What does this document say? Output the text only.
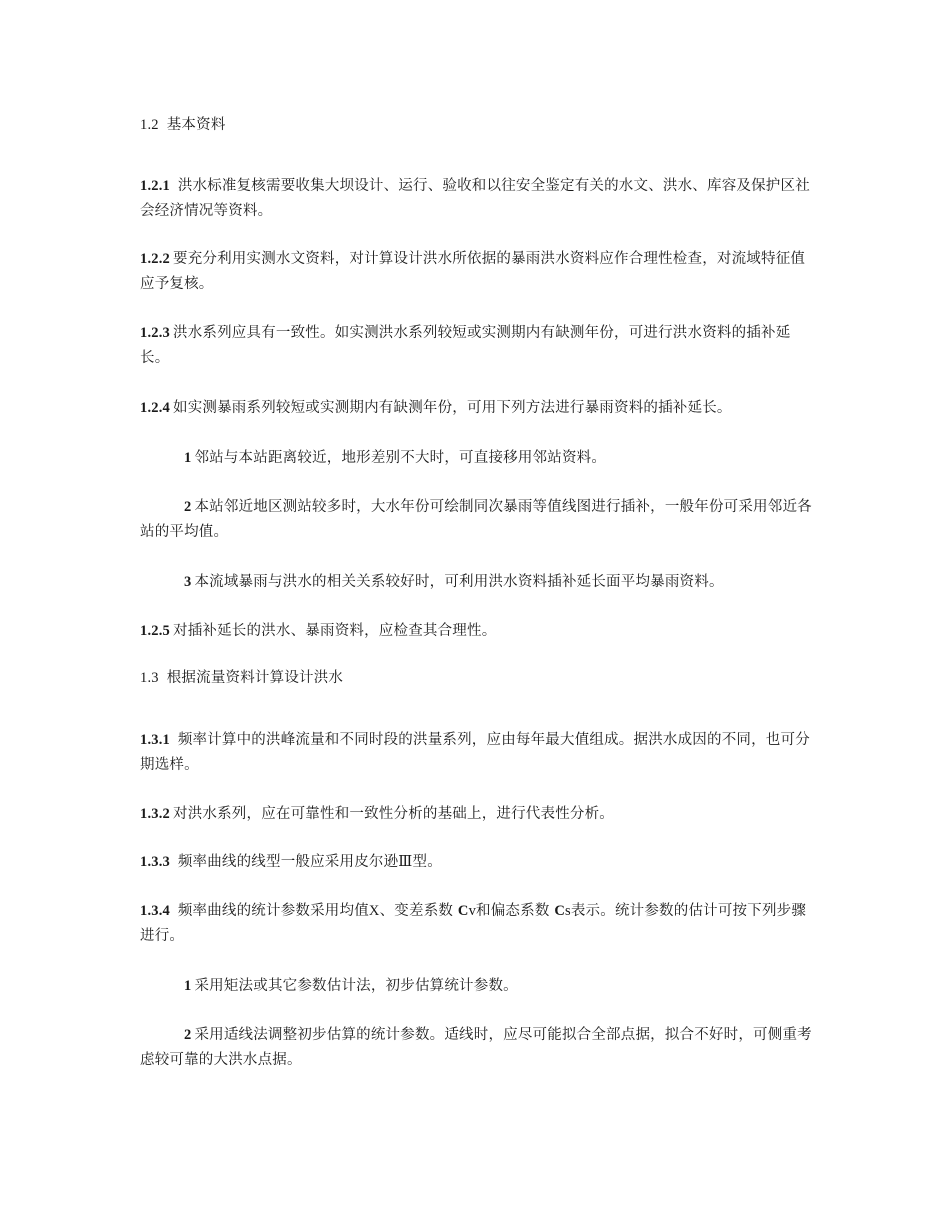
1.2 基本资料
1.2.1 洪水标准复核需要收集大坝设计、运行、验收和以往安全鉴定有关的水文、洪水、库容及保护区社会经济情况等资料。
1.2.2 要充分利用实测水文资料，对计算设计洪水所依据的暴雨洪水资料应作合理性检查，对流域特征值应予复核。
1.2.3 洪水系列应具有一致性。如实测洪水系列较短或实测期内有缺测年份，可进行洪水资料的插补延长。
1.2.4 如实测暴雨系列较短或实测期内有缺测年份，可用下列方法进行暴雨资料的插补延长。
1 邻站与本站距离较近，地形差别不大时，可直接移用邻站资料。
2 本站邻近地区测站较多时，大水年份可绘制同次暴雨等值线图进行插补，一般年份可采用邻近各站的平均值。
3 本流域暴雨与洪水的相关关系较好时，可利用洪水资料插补延长面平均暴雨资料。
1.2.5 对插补延长的洪水、暴雨资料，应检查其合理性。
1.3 根据流量资料计算设计洪水
1.3.1 频率计算中的洪峰流量和不同时段的洪量系列，应由每年最大值组成。据洪水成因的不同，也可分期选样。
1.3.2 对洪水系列，应在可靠性和一致性分析的基础上，进行代表性分析。
1.3.3 频率曲线的线型一般应采用皮尔逊Ⅲ型。
1.3.4 频率曲线的统计参数采用均值X、变差系数 Cv和偏态系数 Cs表示。统计参数的估计可按下列步骤进行。
1 采用矩法或其它参数估计法，初步估算统计参数。
2 采用适线法调整初步估算的统计参数。适线时，应尽可能拟合全部点据，拟合不好时，可侧重考虑较可靠的大洪水点据。
